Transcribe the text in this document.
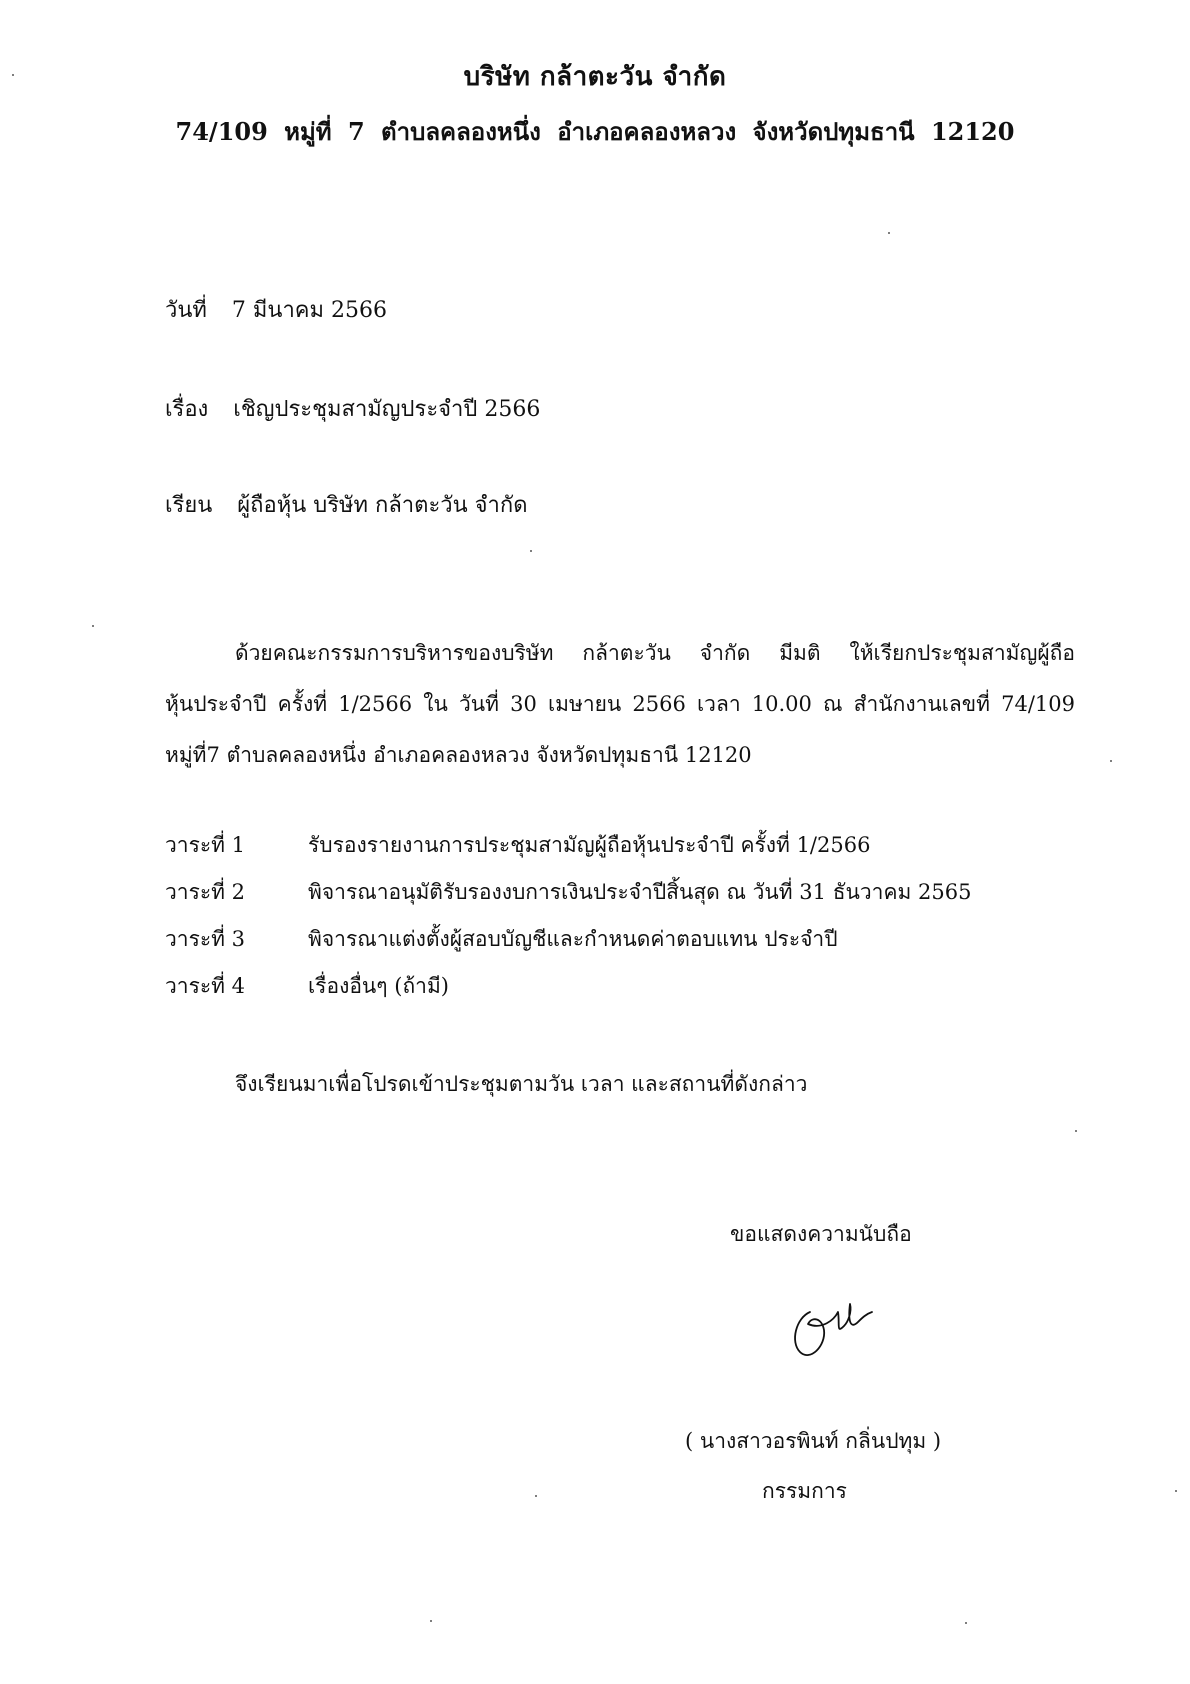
บริษัท กล้าตะวัน จำกัด
74/109 หมู่ที่ 7 ตำบลคลองหนึ่ง อำเภอคลองหลวง จังหวัดปทุมธานี 12120
วันที่ 7 มีนาคม 2566
เรื่อง เชิญประชุมสามัญประจำปี 2566
เรียน ผู้ถือหุ้น บริษัท กล้าตะวัน จำกัด
ด้วยคณะกรรมการบริหารของบริษัท กล้าตะวัน จำกัด มีมติ ให้เรียกประชุมสามัญผู้ถือ
หุ้นประจำปี ครั้งที่ 1/2566 ใน วันที่ 30 เมษายน 2566 เวลา 10.00 ณ สำนักงานเลขที่ 74/109
หมู่ที่7 ตำบลคลองหนึ่ง อำเภอคลองหลวง จังหวัดปทุมธานี 12120
วาระที่ 1	รับรองรายงานการประชุมสามัญผู้ถือหุ้นประจำปี ครั้งที่ 1/2566
วาระที่ 2	พิจารณาอนุมัติรับรองงบการเงินประจำปีสิ้นสุด ณ วันที่ 31 ธันวาคม 2565
วาระที่ 3	พิจารณาแต่งตั้งผู้สอบบัญชีและกำหนดค่าตอบแทน ประจำปี
วาระที่ 4	เรื่องอื่นๆ (ถ้ามี)
จึงเรียนมาเพื่อโปรดเข้าประชุมตามวัน เวลา และสถานที่ดังกล่าว
ขอแสดงความนับถือ
( นางสาวอรพินท์ กลิ่นปทุม )
กรรมการ
